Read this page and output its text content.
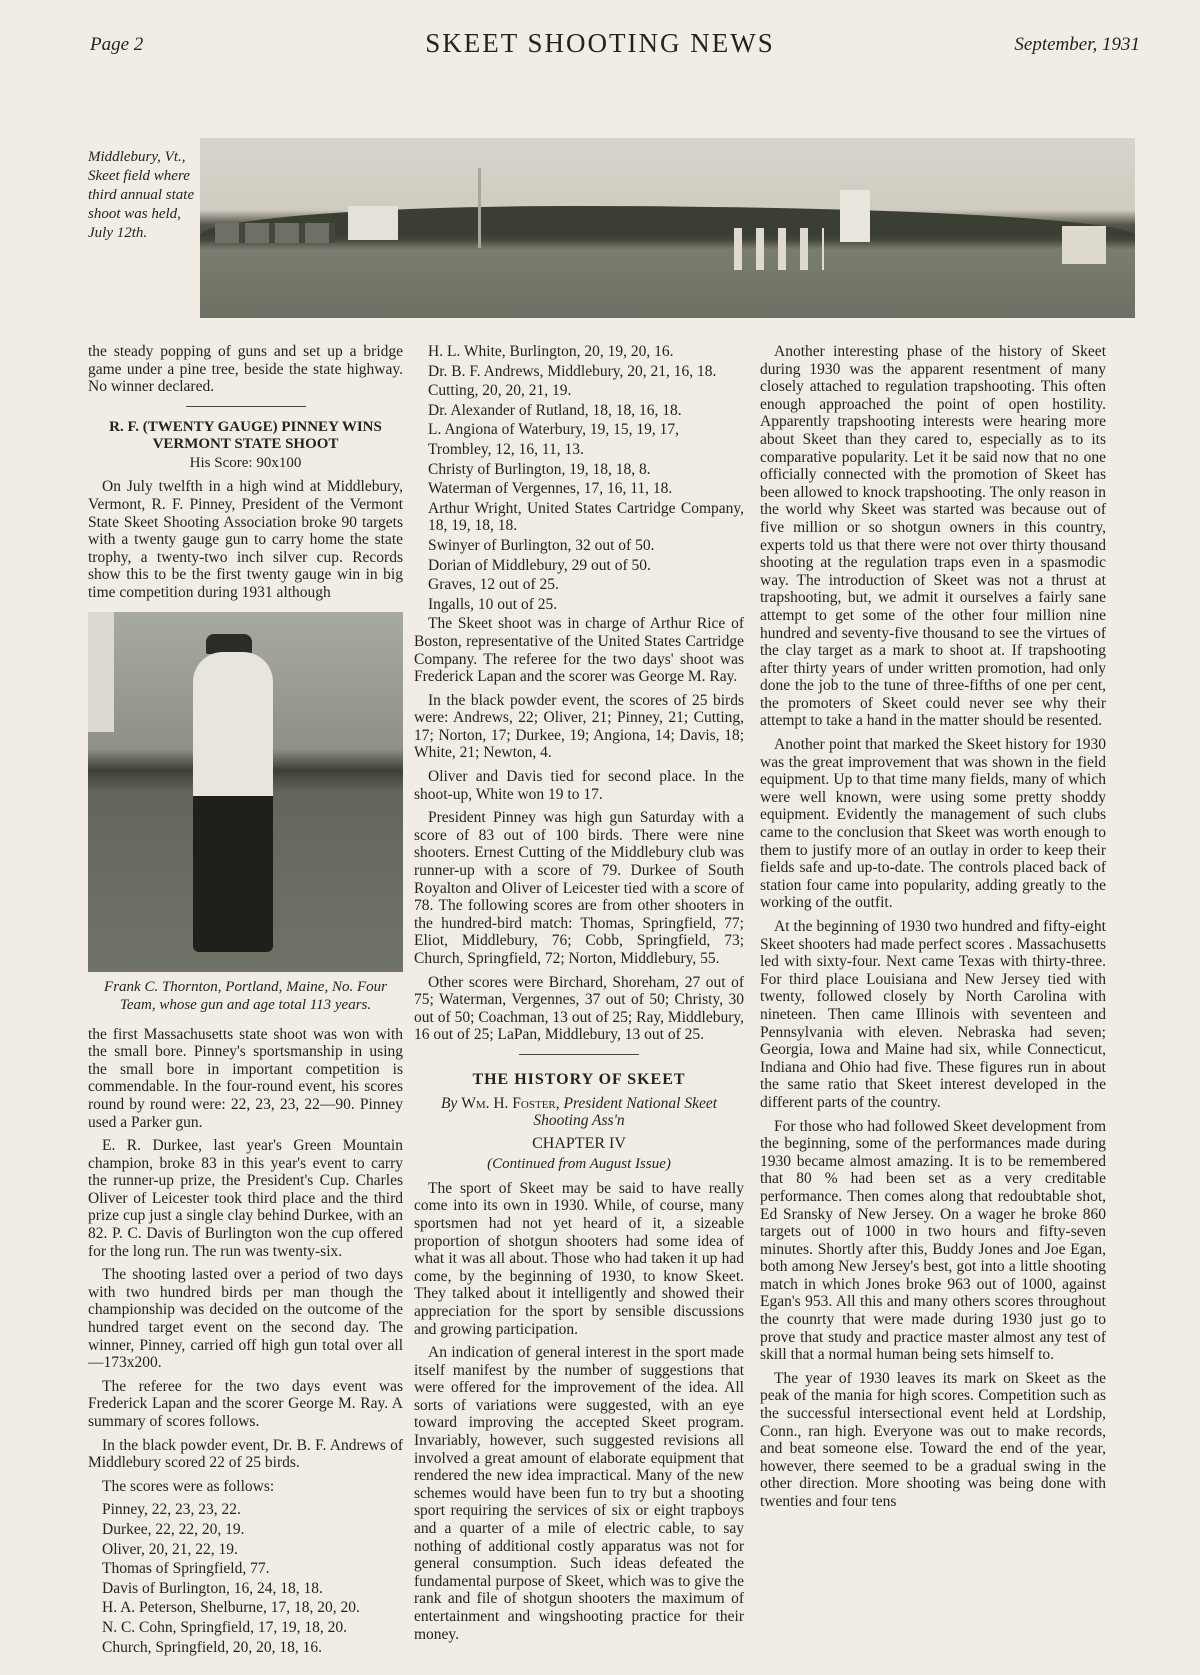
Page 2	SKEET SHOOTING NEWS	September, 1931
Middlebury, Vt., Skeet field where third annual state shoot was held, July 12th.

the steady popping of guns and set up a bridge game under a pine tree, beside the state highway. No winner declared.

R. F. (TWENTY GAUGE) PINNEY WINS VERMONT STATE SHOOT
His Score: 90x100

On July twelfth in a high wind at Middlebury, Vermont, R. F. Pinney, President of the Vermont State Skeet Shooting Association broke 90 targets with a twenty gauge gun to carry home the state trophy, a twenty-two inch silver cup. Records show this to be the first twenty gauge win in big time competition during 1931 although

Frank C. Thornton, Portland, Maine, No. Four Team, whose gun and age total 113 years.

the first Massachusetts state shoot was won with the small bore. Pinney's sportsmanship in using the small bore in important competition is commendable. In the four-round event, his scores round by round were: 22, 23, 23, 22—90. Pinney used a Parker gun.

E. R. Durkee, last year's Green Mountain champion, broke 83 in this year's event to carry the runner-up prize, the President's Cup. Charles Oliver of Leicester took third place and the third prize cup just a single clay behind Durkee, with an 82. P. C. Davis of Burlington won the cup offered for the long run. The run was twenty-six.

The shooting lasted over a period of two days with two hundred birds per man though the championship was decided on the outcome of the hundred target event on the second day. The winner, Pinney, carried off high gun total over all—173x200.

The referee for the two days event was Frederick Lapan and the scorer George M. Ray. A summary of scores follows.

In the black powder event, Dr. B. F. Andrews of Middlebury scored 22 of 25 birds.

The scores were as follows:

Pinney, 22, 23, 23, 22.

Durkee, 22, 22, 20, 19.

Oliver, 20, 21, 22, 19.

Thomas of Springfield, 77.

Davis of Burlington, 16, 24, 18, 18.

H. A. Peterson, Shelburne, 17, 18, 20, 20.

N. C. Cohn, Springfield, 17, 19, 18, 20.

Church, Springfield, 20, 20, 18, 16.

H. L. White, Burlington, 20, 19, 20, 16.

Dr. B. F. Andrews, Middlebury, 20, 21, 16, 18.

Cutting, 20, 20, 21, 19.

Dr. Alexander of Rutland, 18, 18, 16, 18.

L. Angiona of Waterbury, 19, 15, 19, 17,

Trombley, 12, 16, 11, 13.

Christy of Burlington, 19, 18, 18, 8.

Waterman of Vergennes, 17, 16, 11, 18.

Arthur Wright, United States Cartridge Company, 18, 19, 18, 18.

Swinyer of Burlington, 32 out of 50.

Dorian of Middlebury, 29 out of 50.

Graves, 12 out of 25.

Ingalls, 10 out of 25.

The Skeet shoot was in charge of Arthur Rice of Boston, representative of the United States Cartridge Company. The referee for the two days' shoot was Frederick Lapan and the scorer was George M. Ray.

In the black powder event, the scores of 25 birds were: Andrews, 22; Oliver, 21; Pinney, 21; Cutting, 17; Norton, 17; Durkee, 19; Angiona, 14; Davis, 18; White, 21; Newton, 4.

Oliver and Davis tied for second place. In the shoot-up, White won 19 to 17.

President Pinney was high gun Saturday with a score of 83 out of 100 birds. There were nine shooters. Ernest Cutting of the Middlebury club was runner-up with a score of 79. Durkee of South Royalton and Oliver of Leicester tied with a score of 78. The following scores are from other shooters in the hundred-bird match: Thomas, Springfield, 77; Eliot, Middlebury, 76; Cobb, Springfield, 73; Church, Springfield, 72; Norton, Middlebury, 55.

Other scores were Birchard, Shoreham, 27 out of 75; Waterman, Vergennes, 37 out of 50; Christy, 30 out of 50; Coachman, 13 out of 25; Ray, Middlebury, 16 out of 25; LaPan, Middlebury, 13 out of 25.

THE HISTORY OF SKEET
By Wm. H. Foster, President National Skeet Shooting Ass'n
CHAPTER IV
(Continued from August Issue)

The sport of Skeet may be said to have really come into its own in 1930. While, of course, many sportsmen had not yet heard of it, a sizeable proportion of shotgun shooters had some idea of what it was all about. Those who had taken it up had come, by the beginning of 1930, to know Skeet. They talked about it intelligently and showed their appreciation for the sport by sensible discussions and growing participation.

An indication of general interest in the sport made itself manifest by the number of suggestions that were offered for the improvement of the idea. All sorts of variations were suggested, with an eye toward improving the accepted Skeet program. Invariably, however, such suggested revisions all involved a great amount of elaborate equipment that rendered the new idea impractical. Many of the new schemes would have been fun to try but a shooting sport requiring the services of six or eight trapboys and a quarter of a mile of electric cable, to say nothing of additional costly apparatus was not for general consumption. Such ideas defeated the fundamental purpose of Skeet, which was to give the rank and file of shotgun shooters the maximum of entertainment and wingshooting practice for their money.

Another interesting phase of the history of Skeet during 1930 was the apparent resentment of many closely attached to regulation trapshooting. This often enough approached the point of open hostility. Apparently trapshooting interests were hearing more about Skeet than they cared to, especially as to its comparative popularity. Let it be said now that no one officially connected with the promotion of Skeet has been allowed to knock trapshooting. The only reason in the world why Skeet was started was because out of five million or so shotgun owners in this country, experts told us that there were not over thirty thousand shooting at the regulation traps even in a spasmodic way. The introduction of Skeet was not a thrust at trapshooting, but, we admit it ourselves a fairly sane attempt to get some of the other four million nine hundred and seventy-five thousand to see the virtues of the clay target as a mark to shoot at. If trapshooting after thirty years of under written promotion, had only done the job to the tune of three-fifths of one per cent, the promoters of Skeet could never see why their attempt to take a hand in the matter should be resented.

Another point that marked the Skeet history for 1930 was the great improvement that was shown in the field equipment. Up to that time many fields, many of which were well known, were using some pretty shoddy equipment. Evidently the management of such clubs came to the conclusion that Skeet was worth enough to them to justify more of an outlay in order to keep their fields safe and up-to-date. The controls placed back of station four came into popularity, adding greatly to the working of the outfit.

At the beginning of 1930 two hundred and fifty-eight Skeet shooters had made perfect scores . Massachusetts led with sixty-four. Next came Texas with thirty-three. For third place Louisiana and New Jersey tied with twenty, followed closely by North Carolina with nineteen. Then came Illinois with seventeen and Pennsylvania with eleven. Nebraska had seven; Georgia, Iowa and Maine had six, while Connecticut, Indiana and Ohio had five. These figures run in about the same ratio that Skeet interest developed in the different parts of the country.

For those who had followed Skeet development from the beginning, some of the performances made during 1930 became almost amazing. It is to be remembered that 80 % had been set as a very creditable performance. Then comes along that redoubtable shot, Ed Sransky of New Jersey. On a wager he broke 860 targets out of 1000 in two hours and fifty-seven minutes. Shortly after this, Buddy Jones and Joe Egan, both among New Jersey's best, got into a little shooting match in which Jones broke 963 out of 1000, against Egan's 953. All this and many others scores throughout the counrty that were made during 1930 just go to prove that study and practice master almost any test of skill that a normal human being sets himself to.

The year of 1930 leaves its mark on Skeet as the peak of the mania for high scores. Competition such as the successful intersectional event held at Lordship, Conn., ran high. Everyone was out to make records, and beat someone else. Toward the end of the year, however, there seemed to be a gradual swing in the other direction. More shooting was being done with twenties and four tens
